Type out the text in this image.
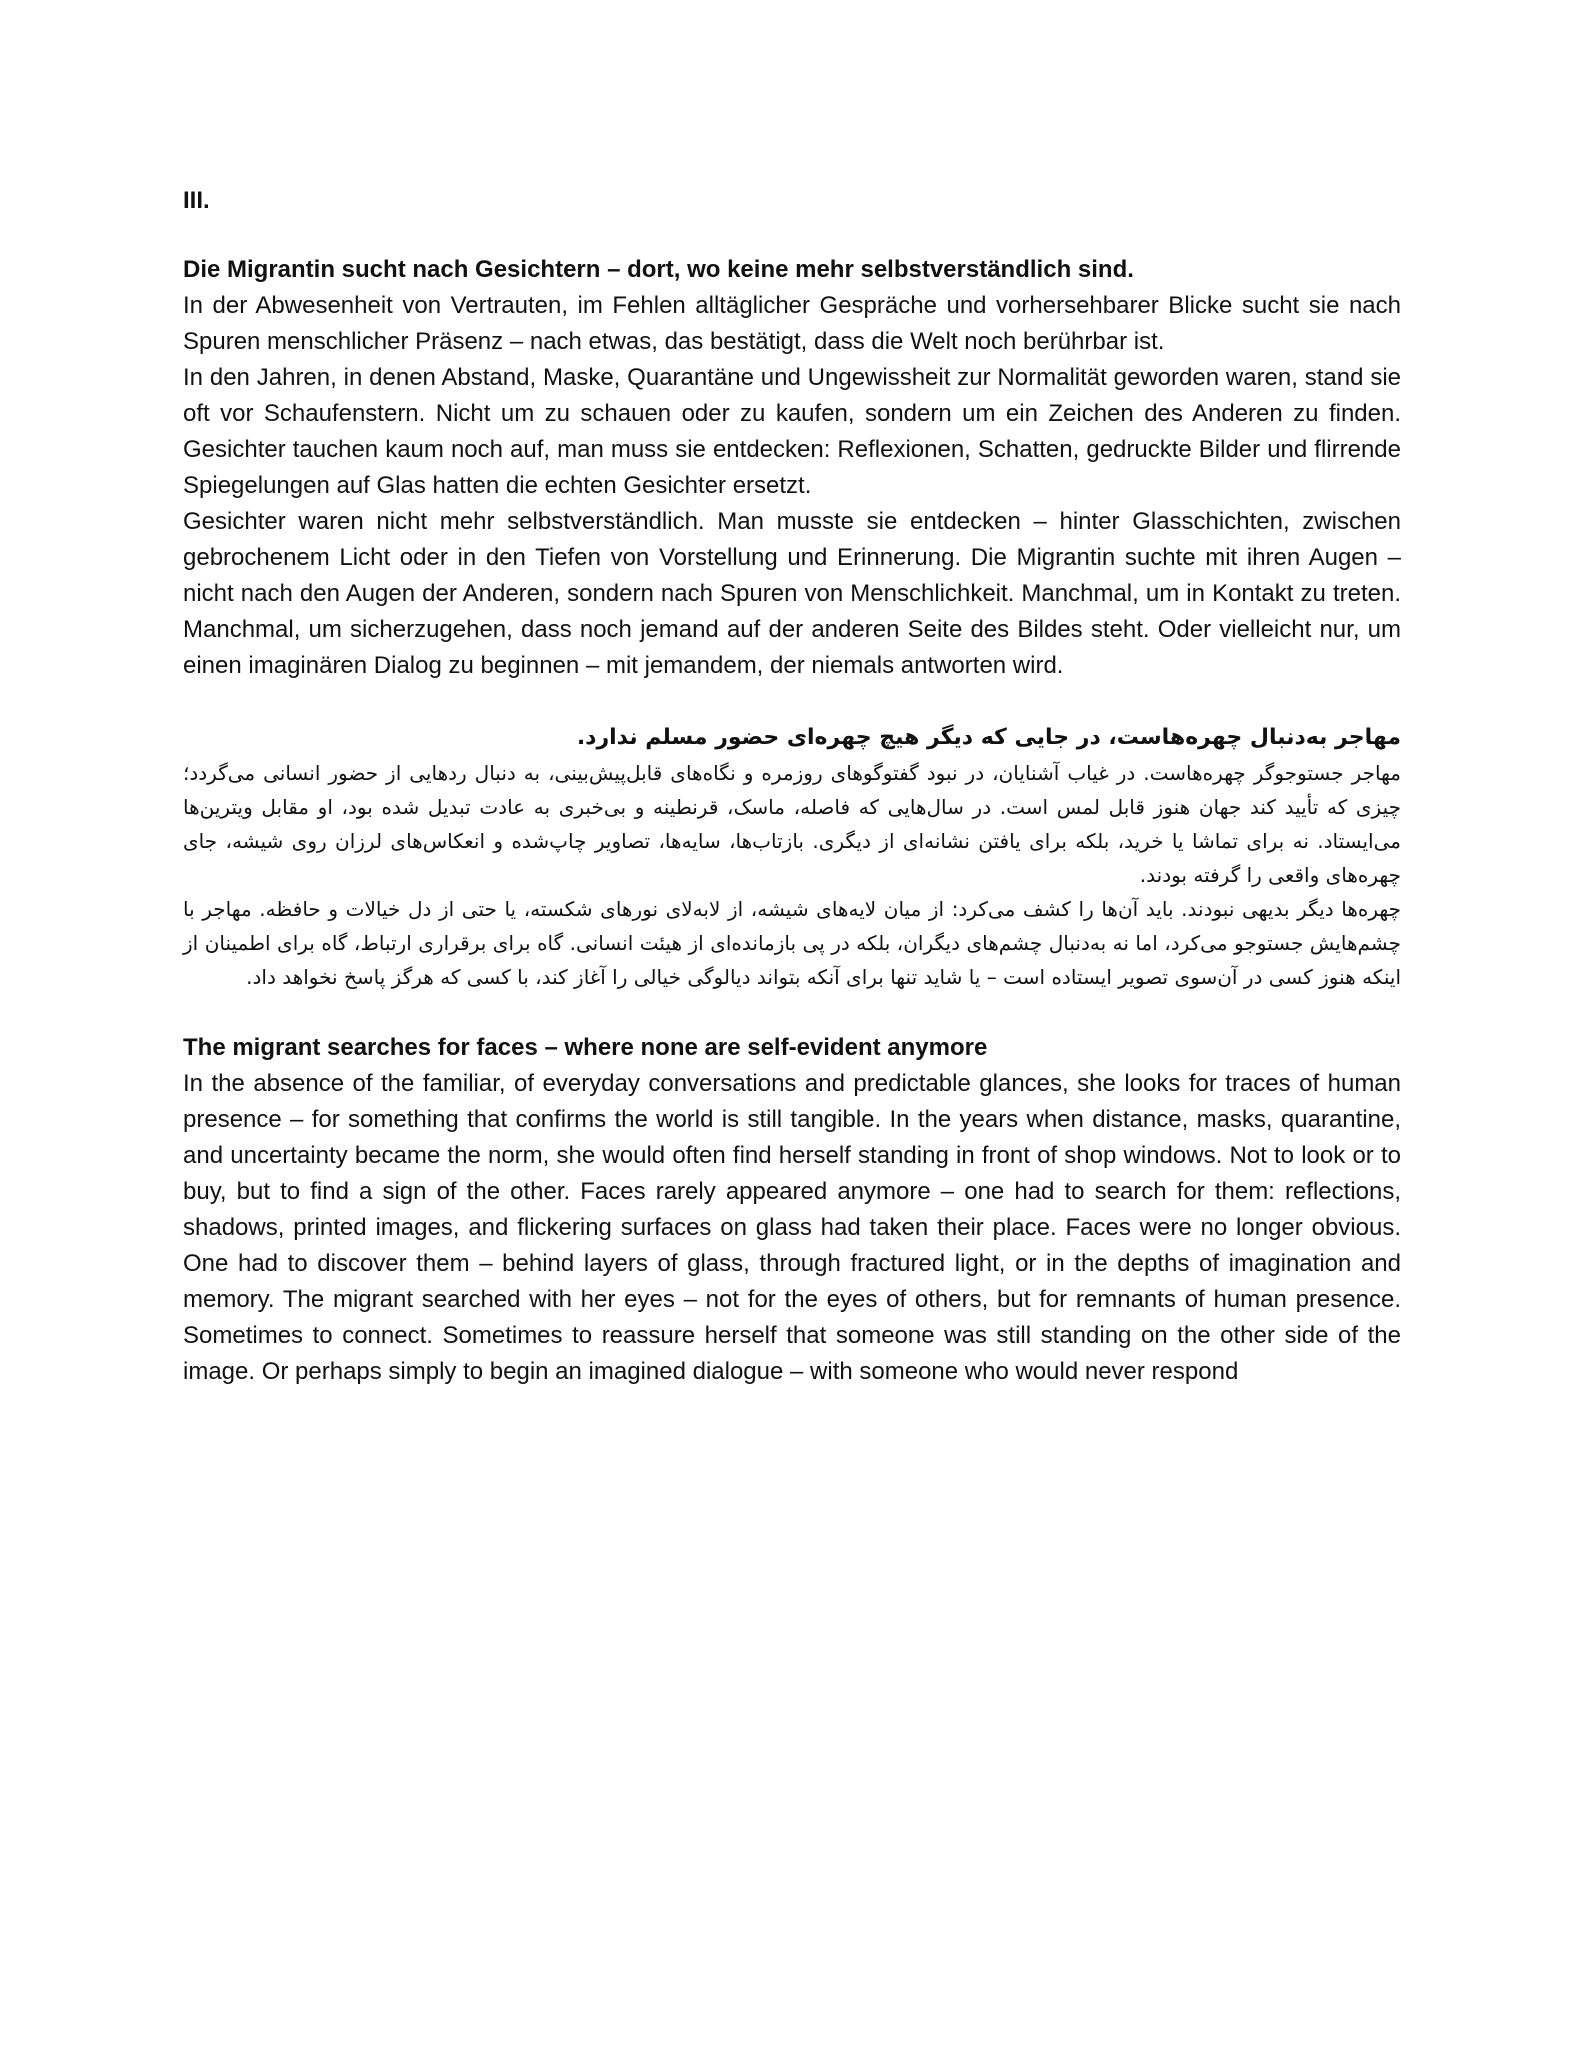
III.

Die Migrantin sucht nach Gesichtern – dort, wo keine mehr selbstverständlich sind.

In der Abwesenheit von Vertrauten, im Fehlen alltäglicher Gespräche und vorhersehbarer Blicke sucht sie nach Spuren menschlicher Präsenz – nach etwas, das bestätigt, dass die Welt noch berührbar ist.

In den Jahren, in denen Abstand, Maske, Quarantäne und Ungewissheit zur Normalität geworden waren, stand sie oft vor Schaufenstern. Nicht um zu schauen oder zu kaufen, sondern um ein Zeichen des Anderen zu finden. Gesichter tauchen kaum noch auf, man muss sie entdecken: Reflexionen, Schatten, gedruckte Bilder und flirrende Spiegelungen auf Glas hatten die echten Gesichter ersetzt.

Gesichter waren nicht mehr selbstverständlich. Man musste sie entdecken – hinter Glasschichten, zwischen gebrochenem Licht oder in den Tiefen von Vorstellung und Erinnerung. Die Migrantin suchte mit ihren Augen – nicht nach den Augen der Anderen, sondern nach Spuren von Menschlichkeit. Manchmal, um in Kontakt zu treten. Manchmal, um sicherzugehen, dass noch jemand auf der anderen Seite des Bildes steht. Oder vielleicht nur, um einen imaginären Dialog zu beginnen – mit jemandem, der niemals antworten wird.

مهاجر به‌دنبال چهره‌هاست، در جایی که دیگر هیچ چهره‌ای حضور مسلم ندارد.

مهاجر جستوجوگر چهره‌هاست. در غیاب آشنایان، در نبود گفتوگوهای روزمره و نگاه‌های قابل‌پیش‌بینی، به دنبال ردهایی از حضور انسانی می‌گردد؛ چیزی که تأیید کند جهان هنوز قابل لمس است. در سال‌هایی که فاصله، ماسک، قرنطینه و بی‌خبری به عادت تبدیل شده بود، او مقابل ویترین‌ها می‌ایستاد. نه برای تماشا یا خرید، بلکه برای یافتن نشانه‌ای از دیگری. بازتاب‌ها، سایه‌ها، تصاویر چاپ‌شده و انعکاس‌های لرزان روی شیشه، جای چهره‌های واقعی را گرفته بودند.

چهره‌ها دیگر بدیهی نبودند. باید آن‌ها را کشف می‌کرد: از میان لایه‌های شیشه، از لابه‌لای نورهای شکسته، یا حتی از دل خیالات و حافظه. مهاجر با چشم‌هایش جستوجو می‌کرد، اما نه به‌دنبال چشم‌های دیگران، بلکه در پی بازمانده‌ای از هیئت انسانی. گاه برای برقراری ارتباط، گاه برای اطمینان از اینکه هنوز کسی در آن‌سوی تصویر ایستاده است – یا شاید تنها برای آنکه بتواند دیالوگی خیالی را آغاز کند، با کسی که هرگز پاسخ نخواهد داد.

The migrant searches for faces – where none are self-evident anymore

In the absence of the familiar, of everyday conversations and predictable glances, she looks for traces of human presence – for something that confirms the world is still tangible. In the years when distance, masks, quarantine, and uncertainty became the norm, she would often find herself standing in front of shop windows. Not to look or to buy, but to find a sign of the other. Faces rarely appeared anymore – one had to search for them: reflections, shadows, printed images, and flickering surfaces on glass had taken their place. Faces were no longer obvious. One had to discover them – behind layers of glass, through fractured light, or in the depths of imagination and memory. The migrant searched with her eyes – not for the eyes of others, but for remnants of human presence. Sometimes to connect. Sometimes to reassure herself that someone was still standing on the other side of the image. Or perhaps simply to begin an imagined dialogue – with someone who would never respond
